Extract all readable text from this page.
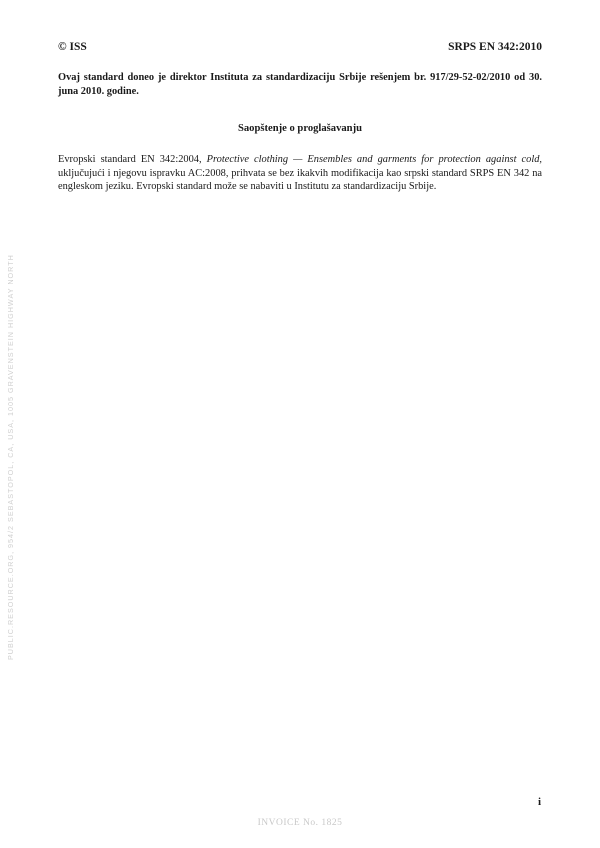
© ISS	SRPS EN 342:2010
Ovaj standard doneo je direktor Instituta za standardizaciju Srbije rešenjem br. 917/29-52-02/2010 od 30. juna 2010. godine.
Saopštenje o proglašavanju

Evropski standard EN 342:2004, Protective clothing — Ensembles and garments for protection against cold, uključujući i njegovu ispravku AC:2008, prihvata se bez ikakvih modifikacija kao srpski standard SRPS EN 342 na engleskom jeziku. Evropski standard može se nabaviti u Institutu za standardizaciju Srbije.

PUBLIC.RESOURCE.ORG, 954/2 SEBASTOPOL, CA, USA, 1005 GRAVENSTEIN HIGHWAY NORTH
i
INVOICE No. 1825
